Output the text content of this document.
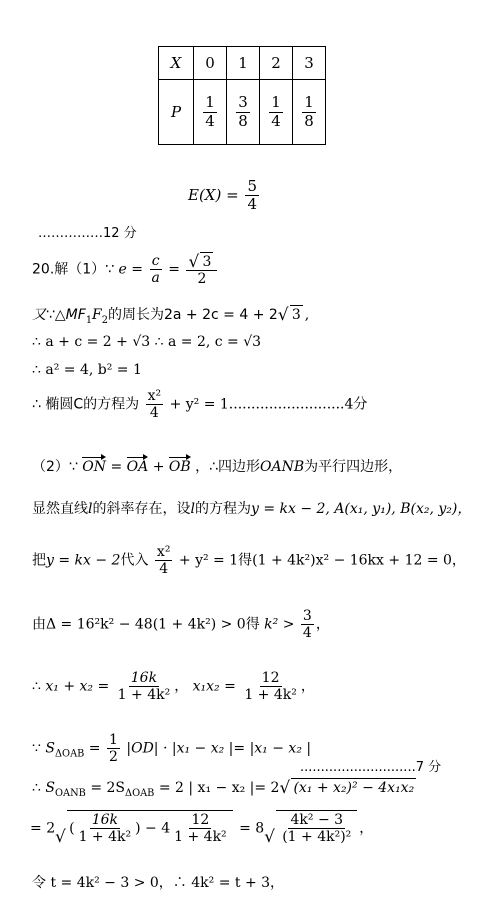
X	0	1	2	3
P	$\frac{1}{4}$	$\frac{3}{8}$	$\frac{1}{4}$	$\frac{1}{8}$
$E(X) = \frac{5}{4}$
……………12 分
20.解（1）∵ $e = \frac{c}{a} = \frac{√ 3}{2}$
又$\because\triangle MF_1F_2$的周长为2a + 2c = 4 + 2 √ 3 ,
∴ a + c = 2 + √3 ∴ a = 2, c = √3
∴ a² = 4, b² = 1
∴ 椭圆C的方程为 $\frac{\text{x²}}{4} + y^2 = 1..........................4$分
（2）∵ ON = OA + OB ，∴四边形OANB为平行四边形，
显然直线l的斜率存在，设l的方程为y = kx − 2, A(x₁, y₁), B(x₂, y₂)，
把y = kx − 2代入 $\frac{\text{x²}}{4} + y^2 = 1$得(1 + 4k²)x² − 16kx + 12 = 0，
由Δ = 16²k² − 48(1 + 4k²) > 0得 $k^2 > \frac{3}{4}$ ，
∴ $x_1 + x_2 = \frac{16k}{\text{1 + 4k²}}$ ， $x_1x_2 = \frac{12}{\text{1 + 4k²}}$ ，
∵ $S_{\Delta OAB} = \frac{1}{2} |OD| \cdot |x_1 - x_2$ |= |x₁ − x₂ |
............................7 分
∴ $S_{OANB} = 2S_{\Delta OAB} = 2$ | x₁ − x₂ |= 2 √ (x₁ + x₂)² − 4x₁x₂
= 2 √ ( $\frac{16k}{\text{1 + 4k²}}$ ) − $4 \frac{12}{\text{1 + 4k²}} = 8$ √ $\frac{\text{4k² − 3}}{\text{(1 + 4k²)²}}$ ，
令 t = 4k² − 3 > 0，∴ 4k² = t + 3，
